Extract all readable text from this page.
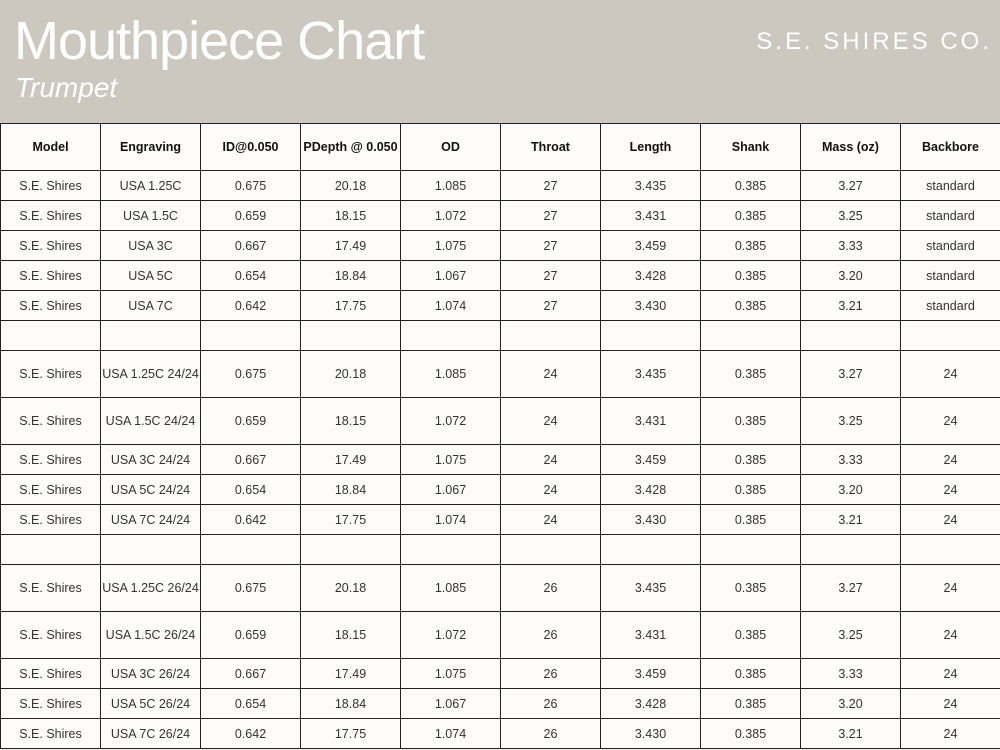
Mouthpiece Chart
Trumpet
S.E. SHIRES CO.
Model	Engraving	ID@0.050	PDepth @ 0.050	OD	Throat	Length	Shank	Mass (oz)	Backbore
S.E. Shires	USA 1.25C	0.675	20.18	1.085	27	3.435	0.385	3.27	standard
S.E. Shires	USA 1.5C	0.659	18.15	1.072	27	3.431	0.385	3.25	standard
S.E. Shires	USA 3C	0.667	17.49	1.075	27	3.459	0.385	3.33	standard
S.E. Shires	USA 5C	0.654	18.84	1.067	27	3.428	0.385	3.20	standard
S.E. Shires	USA 7C	0.642	17.75	1.074	27	3.430	0.385	3.21	standard

S.E. Shires	USA 1.25C 24/24	0.675	20.18	1.085	24	3.435	0.385	3.27	24
S.E. Shires	USA 1.5C 24/24	0.659	18.15	1.072	24	3.431	0.385	3.25	24
S.E. Shires	USA 3C 24/24	0.667	17.49	1.075	24	3.459	0.385	3.33	24
S.E. Shires	USA 5C 24/24	0.654	18.84	1.067	24	3.428	0.385	3.20	24
S.E. Shires	USA 7C 24/24	0.642	17.75	1.074	24	3.430	0.385	3.21	24

S.E. Shires	USA 1.25C 26/24	0.675	20.18	1.085	26	3.435	0.385	3.27	24
S.E. Shires	USA 1.5C 26/24	0.659	18.15	1.072	26	3.431	0.385	3.25	24
S.E. Shires	USA 3C 26/24	0.667	17.49	1.075	26	3.459	0.385	3.33	24
S.E. Shires	USA 5C 26/24	0.654	18.84	1.067	26	3.428	0.385	3.20	24
S.E. Shires	USA 7C 26/24	0.642	17.75	1.074	26	3.430	0.385	3.21	24
